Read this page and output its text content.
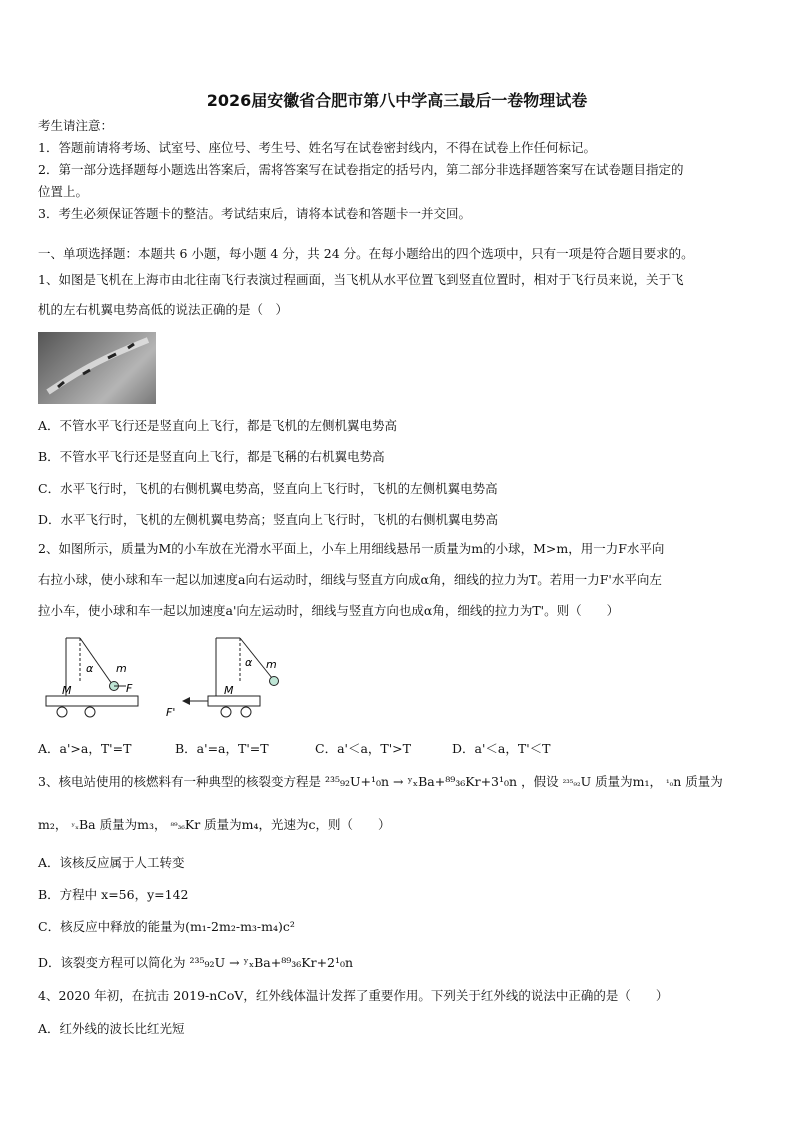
2026届安徽省合肥市第八中学高三最后一卷物理试卷
考生请注意：
1．答题前请将考场、试室号、座位号、考生号、姓名写在试卷密封线内，不得在试卷上作任何标记。
2．第一部分选择题每小题选出答案后，需将答案写在试卷指定的括号内，第二部分非选择题答案写在试卷题目指定的
位置上。
3．考生必须保证答题卡的整洁。考试结束后，请将本试卷和答题卡一并交回。
一、单项选择题：本题共 6 小题，每小题 4 分，共 24 分。在每小题给出的四个选项中，只有一项是符合题目要求的。
1、如图是飞机在上海市由北往南飞行表演过程画面，当飞机从水平位置飞到竖直位置时，相对于飞行员来说，关于飞
机的左右机翼电势高低的说法正确的是（　）
A．不管水平飞行还是竖直向上飞行，都是飞机的左侧机翼电势高
B．不管水平飞行还是竖直向上飞行，都是飞稱的右机翼电势高
C．水平飞行时，飞机的右侧机翼电势高，竖直向上飞行时，飞机的左侧机翼电势高
D．水平飞行时，飞机的左侧机翼电势高；竖直向上飞行时，飞机的右侧机翼电势高
2、如图所示，质量为M的小车放在光滑水平面上，小车上用细线悬吊一质量为m的小球，M>m，用一力F水平向
右拉小球，使小球和车一起以加速度a向右运动时，细线与竖直方向成α角，细线的拉力为T。若用一力F'水平向左
拉小车，使小球和车一起以加速度a'向左运动时，细线与竖直方向也成α角，细线的拉力为T'。则（　　）
α m
M	F
α m
M
F'
A．a'>a，T'=T	B．a'=a，T'=T	C．a'＜a，T'>T	D．a'＜a，T'＜T
3、核电站使用的核燃料有一种典型的核裂变方程是 ²³⁵₉₂U+¹₀n → ʸₓBa+⁸⁹₃₆Kr+3¹₀n ，假设 ²³⁵₉₂U 质量为m₁， ¹₀n 质量为
m₂， ʸₓBa 质量为m₃， ⁸⁹₃₆Kr 质量为m₄，光速为c，则（　　）
A．该核反应属于人工转变
B．方程中 x=56，y=142
C．核反应中释放的能量为(m₁-2m₂-m₃-m₄)c²
D．该裂变方程可以简化为 ²³⁵₉₂U → ʸₓBa+⁸⁹₃₆Kr+2¹₀n
4、2020 年初，在抗击 2019-nCoV，红外线体温计发挥了重要作用。下列关于红外线的说法中正确的是（　　）
A．红外线的波长比红光短
